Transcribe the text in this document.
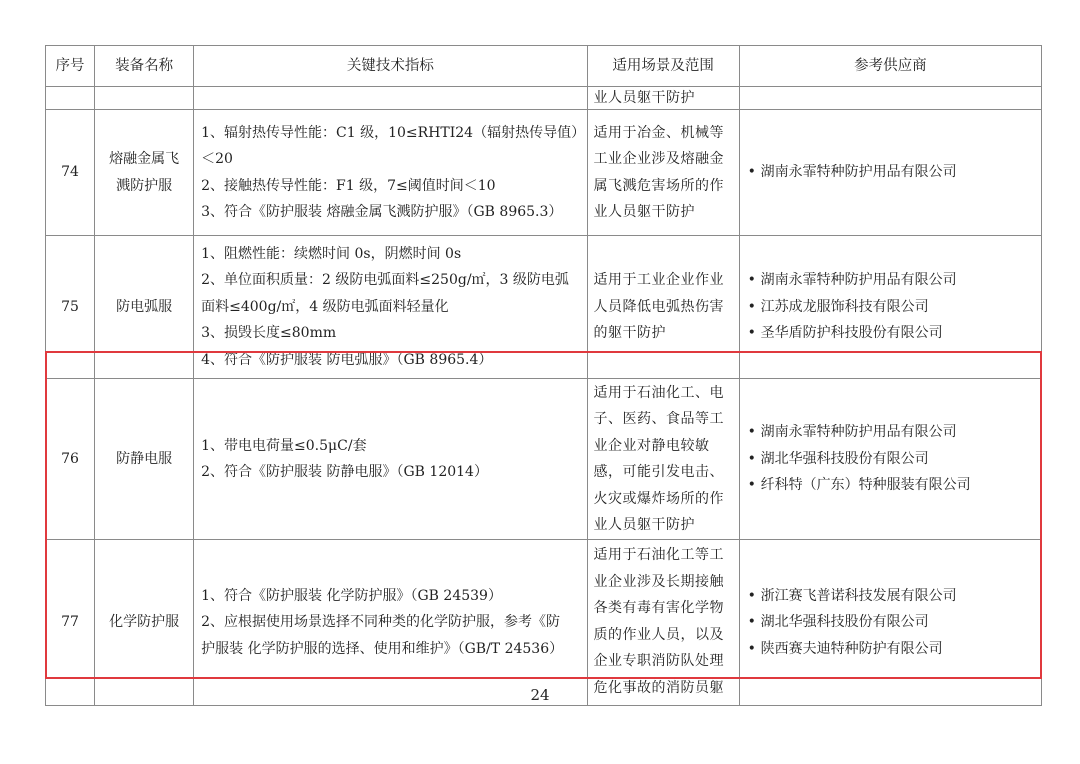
序号	装备名称	关键技术指标	适用场景及范围	参考供应商
			业人员躯干防护	
74	熔融金属飞溅防护服	1、辐射热传导性能：C1 级，10≤RHTI24（辐射热传导值）
＜20
2、接触热传导性能：F1 级，7≤阈值时间＜10
3、符合《防护服装 熔融金属飞溅防护服》（GB 8965.3）	适用于冶金、机械等工业企业涉及熔融金属飞溅危害场所的作业人员躯干防护	• 湖南永霏特种防护用品有限公司

75	防电弧服	1、阻燃性能：续燃时间 0s，阴燃时间 0s
2、单位面积质量：2 级防电弧面料≤250g/㎡，3 级防电弧
面料≤400g/㎡，4 级防电弧面料轻量化
3、损毁长度≤80mm
4、符合《防护服装 防电弧服》（GB 8965.4）	适用于工业企业作业人员降低电弧热伤害的躯干防护	• 湖南永霏特种防护用品有限公司
• 江苏成龙服饰科技有限公司
• 圣华盾防护科技股份有限公司

76	防静电服	1、带电电荷量≤0.5μC/套
2、符合《防护服装 防静电服》（GB 12014）	适用于石油化工、电子、医药、食品等工业企业对静电较敏感，可能引发电击、火灾或爆炸场所的作业人员躯干防护	• 湖南永霏特种防护用品有限公司
• 湖北华强科技股份有限公司
• 纤科特（广东）特种服装有限公司

77	化学防护服	1、符合《防护服装 化学防护服》（GB 24539）
2、应根据使用场景选择不同种类的化学防护服，参考《防
护服装 化学防护服的选择、使用和维护》（GB/T 24536）	适用于石油化工等工业企业涉及长期接触各类有毒有害化学物质的作业人员，以及企业专职消防队处理危化事故的消防员躯	• 浙江赛飞普诺科技发展有限公司
• 湖北华强科技股份有限公司
• 陕西赛夫迪特种防护有限公司
24
